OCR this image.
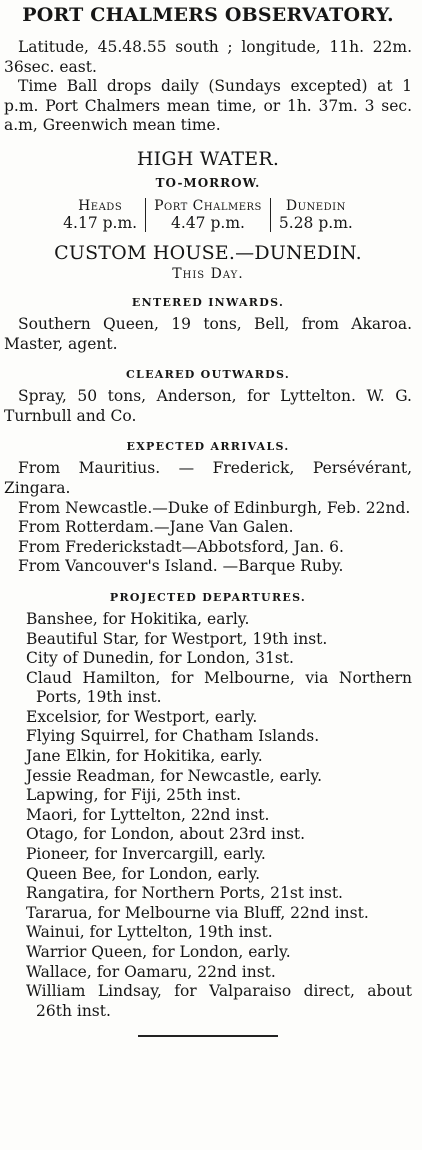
PORT CHALMERS OBSERVATORY.

Latitude, 45.48.55 south ; longitude, 11h. 22m. 36sec. east.

Time Ball drops daily (Sundays excepted) at 1 p.m. Port Chalmers mean time, or 1h. 37m. 3 sec. a.m, Greenwich mean time.

HIGH WATER.
TO-MORROW.
Heads
4.17 p.m.
Port Chalmers
4.47 p.m.
Dunedin
5.28 p.m.
CUSTOM HOUSE.—DUNEDIN.
This Day.
ENTERED INWARDS.

Southern Queen, 19 tons, Bell, from Akaroa. Master, agent.

CLEARED OUTWARDS.

Spray, 50 tons, Anderson, for Lyttelton. W. G. Turnbull and Co.

EXPECTED ARRIVALS.

From Mauritius. — Frederick, Persévérant, Zingara.

From Newcastle.—Duke of Edinburgh, Feb. 22nd.

From Rotterdam.—Jane Van Galen.

From Frederickstadt—Abbotsford, Jan. 6.

From Vancouver's Island. —Barque Ruby.

PROJECTED DEPARTURES.

Banshee, for Hokitika, early.

Beautiful Star, for Westport, 19th inst.

City of Dunedin, for London, 31st.

Claud Hamilton, for Melbourne, via Northern Ports, 19th inst.

Excelsior, for Westport, early.

Flying Squirrel, for Chatham Islands.

Jane Elkin, for Hokitika, early.

Jessie Readman, for Newcastle, early.

Lapwing, for Fiji, 25th inst.

Maori, for Lyttelton, 22nd inst.

Otago, for London, about 23rd inst.

Pioneer, for Invercargill, early.

Queen Bee, for London, early.

Rangatira, for Northern Ports, 21st inst.

Tararua, for Melbourne via Bluff, 22nd inst.

Wainui, for Lyttelton, 19th inst.

Warrior Queen, for London, early.

Wallace, for Oamaru, 22nd inst.

William Lindsay, for Valparaiso direct, about 26th inst.
